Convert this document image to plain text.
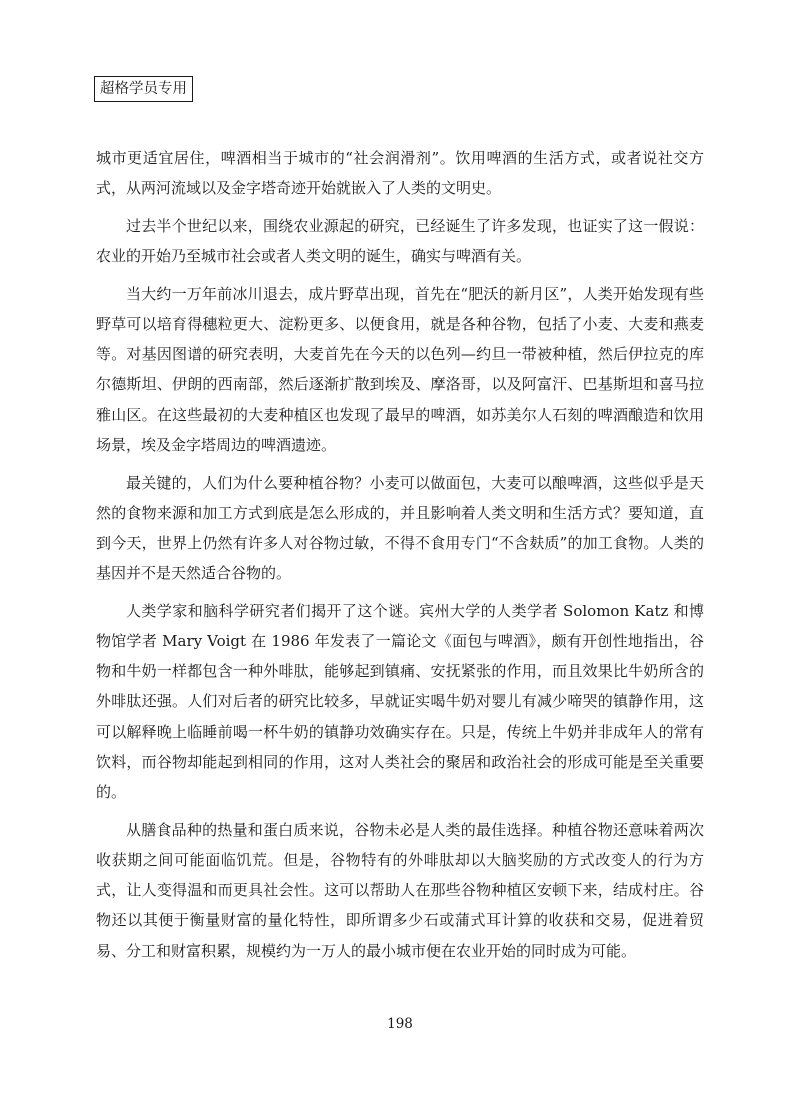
超格学员专用

城市更适宜居住，啤酒相当于城市的“社会润滑剂”。饮用啤酒的生活方式，或者说社交方式，从两河流域以及金字塔奇迹开始就嵌入了人类的文明史。

过去半个世纪以来，围绕农业源起的研究，已经诞生了许多发现，也证实了这一假说：农业的开始乃至城市社会或者人类文明的诞生，确实与啤酒有关。

当大约一万年前冰川退去，成片野草出现，首先在“肥沃的新月区”，人类开始发现有些野草可以培育得穗粒更大、淀粉更多、以便食用，就是各种谷物，包括了小麦、大麦和燕麦等。对基因图谱的研究表明，大麦首先在今天的以色列—约旦一带被种植，然后伊拉克的库尔德斯坦、伊朗的西南部，然后逐渐扩散到埃及、摩洛哥，以及阿富汗、巴基斯坦和喜马拉雅山区。在这些最初的大麦种植区也发现了最早的啤酒，如苏美尔人石刻的啤酒酿造和饮用场景，埃及金字塔周边的啤酒遗迹。

最关键的，人们为什么要种植谷物？小麦可以做面包，大麦可以酿啤酒，这些似乎是天然的食物来源和加工方式到底是怎么形成的，并且影响着人类文明和生活方式？要知道，直到今天，世界上仍然有许多人对谷物过敏，不得不食用专门“不含麸质”的加工食物。人类的基因并不是天然适合谷物的。

人类学家和脑科学研究者们揭开了这个谜。宾州大学的人类学者 Solomon Katz 和博物馆学者 Mary Voigt 在 1986 年发表了一篇论文《面包与啤酒》，颇有开创性地指出，谷物和牛奶一样都包含一种外啡肽，能够起到镇痛、安抚紧张的作用，而且效果比牛奶所含的外啡肽还强。人们对后者的研究比较多，早就证实喝牛奶对婴儿有减少啼哭的镇静作用，这可以解释晚上临睡前喝一杯牛奶的镇静功效确实存在。只是，传统上牛奶并非成年人的常有饮料，而谷物却能起到相同的作用，这对人类社会的聚居和政治社会的形成可能是至关重要的。

从膳食品种的热量和蛋白质来说，谷物未必是人类的最佳选择。种植谷物还意味着两次收获期之间可能面临饥荒。但是，谷物特有的外啡肽却以大脑奖励的方式改变人的行为方式，让人变得温和而更具社会性。这可以帮助人在那些谷物种植区安顿下来，结成村庄。谷物还以其便于衡量财富的量化特性，即所谓多少石或蒲式耳计算的收获和交易，促进着贸易、分工和财富积累，规模约为一万人的最小城市便在农业开始的同时成为可能。

198
